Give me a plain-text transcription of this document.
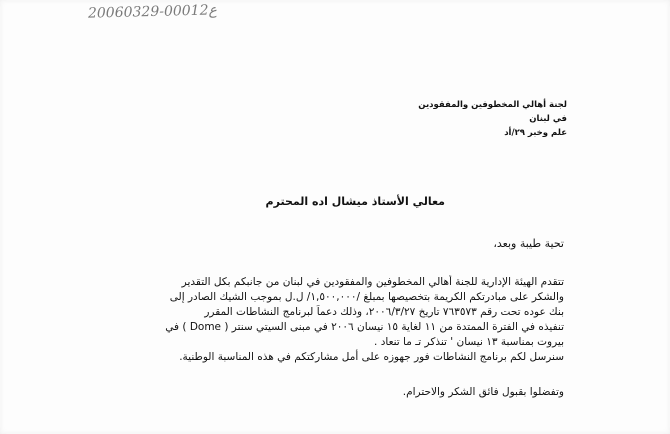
20060329-0001ع2
لجنة أهالي المخطوفين والمفقودين
في لبنان
علم وخبر ٢٩/أد
معالي الأستاذ ميشال اده المحترم
تحية طيبة وبعد،
تتقدم الهيئة الإدارية للجنة أهالي المخطوفين والمفقودين في لبنان من جانبكم بكل التقدير
والشكر على مبادرتكم الكريمة بتخصيصها بمبلغ /١,٥٠٠,٠٠٠/ ل.ل بموجب الشيك الصادر إلى
بنك عوده تحت رقم ٧٦٣٥٧٣ تاريخ ٢٠٠٦/٣/٢٧، وذلك دعماً لبرنامج النشاطات المقرر
تنفيذه في الفترة الممتدة من ١١ لغاية ١٥ نيسان ٢٠٠٦ في مبنى السيتي سنتر ( Dome ) في
بيروت بمناسبة ١٣ نيسان ' تنذكر تـ ما تنعاد .
سنرسل لكم برنامج النشاطات فور جهوزه على أمل مشاركتكم في هذه المناسبة الوطنية.
وتفضلوا بقبول فائق الشكر والاحترام.
